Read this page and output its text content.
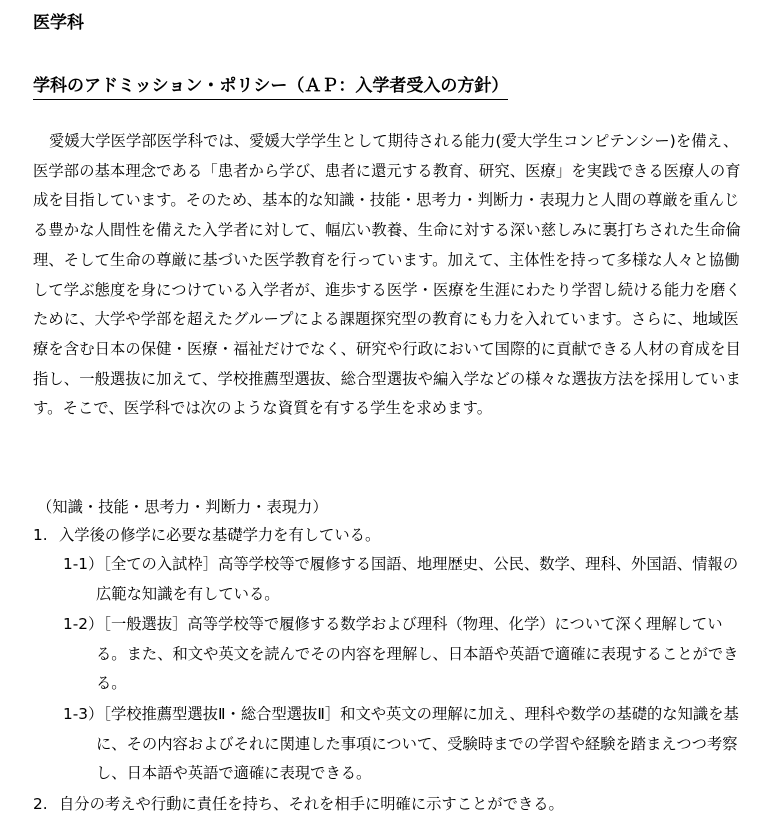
医学科
学科のアドミッション・ポリシー（ＡＰ：入学者受入の方針）

愛媛大学医学部医学科では、愛媛大学学生として期待される能力(愛大学生コンピテンシー)を備え、医学部の基本理念である「患者から学び、患者に還元する教育、研究、医療」を実践できる医療人の育成を目指しています。そのため、基本的な知識・技能・思考力・判断力・表現力と人間の尊厳を重んじる豊かな人間性を備えた入学者に対して、幅広い教養、生命に対する深い慈しみに裏打ちされた生命倫理、そして生命の尊厳に基づいた医学教育を行っています。加えて、主体性を持って多様な人々と協働して学ぶ態度を身につけている入学者が、進歩する医学・医療を生涯にわたり学習し続ける能力を磨くために、大学や学部を超えたグループによる課題探究型の教育にも力を入れています。さらに、地域医療を含む日本の保健・医療・福祉だけでなく、研究や行政において国際的に貢献できる人材の育成を目指し、一般選抜に加えて、学校推薦型選抜、総合型選抜や編入学などの様々な選抜方法を採用しています。そこで、医学科では次のような資質を有する学生を求めます。

（知識・技能・思考力・判断力・表現力）
1. 入学後の修学に必要な基礎学力を有している。
1-1）［全ての入試枠］高等学校等で履修する国語、地理歴史、公民、数学、理科、外国語、情報の広範な知識を有している。
1-2）［一般選抜］高等学校等で履修する数学および理科（物理、化学）について深く理解している。また、和文や英文を読んでその内容を理解し、日本語や英語で適確に表現することができる。
1-3）［学校推薦型選抜Ⅱ・総合型選抜Ⅱ］和文や英文の理解に加え、理科や数学の基礎的な知識を基に、その内容およびそれに関連した事項について、受験時までの学習や経験を踏まえつつ考察し、日本語や英語で適確に表現できる。
2. 自分の考えや行動に責任を持ち、それを相手に明確に示すことができる。
